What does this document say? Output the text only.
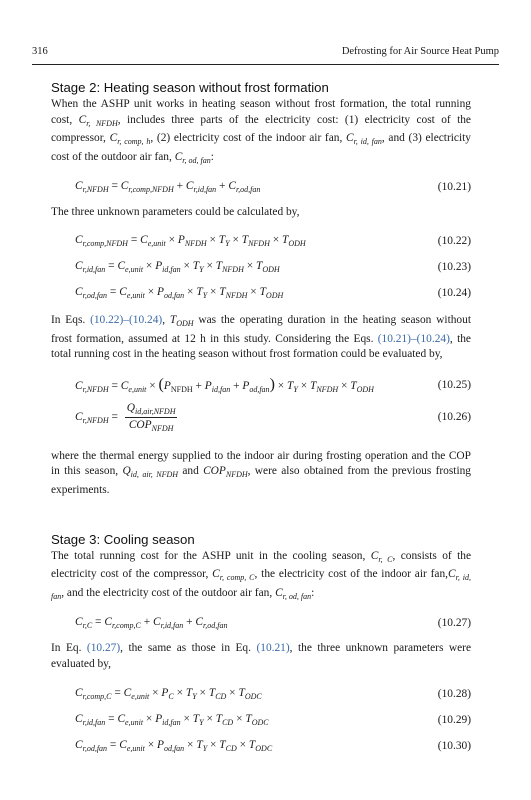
316	Defrosting for Air Source Heat Pump
Stage 2: Heating season without frost formation

When the ASHP unit works in heating season without frost formation, the total running cost, $C_{r, NFDH}$, includes three parts of the electricity cost: (1) electricity cost of the compressor, $C_{r, comp, h}$, (2) electricity cost of the indoor air fan, $C_{r, id, fan}$, and (3) electricity cost of the outdoor air fan, $C_{r, od, fan}$:

$C_{r,NFDH} = C_{r,comp,NFDH} + C_{r,id,fan} + C_{r,od,fan}$	(10.21)

The three unknown parameters could be calculated by,

$C_{r,comp,NFDH} = C_{e,unit} \times P_{NFDH} \times T_Y \times T_{NFDH} \times T_{ODH}$	(10.22)
$C_{r,id,fan} = C_{e,unit} \times P_{id,fan} \times T_Y \times T_{NFDH} \times T_{ODH}$	(10.23)
$C_{r,od,fan} = C_{e,unit} \times P_{od,fan} \times T_Y \times T_{NFDH} \times T_{ODH}$	(10.24)

In Eqs. (10.22)–(10.24), $T_{ODH}$ was the operating duration in the heating season without frost formation, assumed at 12 h in this study. Considering the Eqs. (10.21)–(10.24), the total running cost in the heating season without frost formation could be evaluated by,

$C_{r,NFDH} = C_{e,unit} \times (P_{NFDH} + P_{id,fan} + P_{od,fan}) \times T_Y \times T_{NFDH} \times T_{ODH}$	(10.25)
$C_{r,NFDH} = \frac{Q_{id,air,NFDH}}{COP_{NFDH}}$	(10.26)

where the thermal energy supplied to the indoor air during frosting operation and the COP in this season, $Q_{id, air, NFDH}$ and $COP_{NFDH}$, were also obtained from the previous frosting experiments.

Stage 3: Cooling season

The total running cost for the ASHP unit in the cooling season, $C_{r, C}$, consists of the electricity cost of the compressor, $C_{r, comp, C}$, the electricity cost of the indoor air $fan,C_{r, id, fan}$, and the electricity cost of the outdoor air fan, $C_{r, od, fan}$:

$C_{r,C} = C_{r,comp,C} + C_{r,id,fan} + C_{r,od,fan}$	(10.27)

In Eq. (10.27), the same as those in Eq. (10.21), the three unknown parameters were evaluated by,

$C_{r,comp,C} = C_{e,unit} \times P_C \times T_Y \times T_{CD} \times T_{ODC}$	(10.28)
$C_{r,id,fan} = C_{e,unit} \times P_{id,fan} \times T_Y \times T_{CD} \times T_{ODC}$	(10.29)
$C_{r,od,fan} = C_{e,unit} \times P_{od,fan} \times T_Y \times T_{CD} \times T_{ODC}$	(10.30)
